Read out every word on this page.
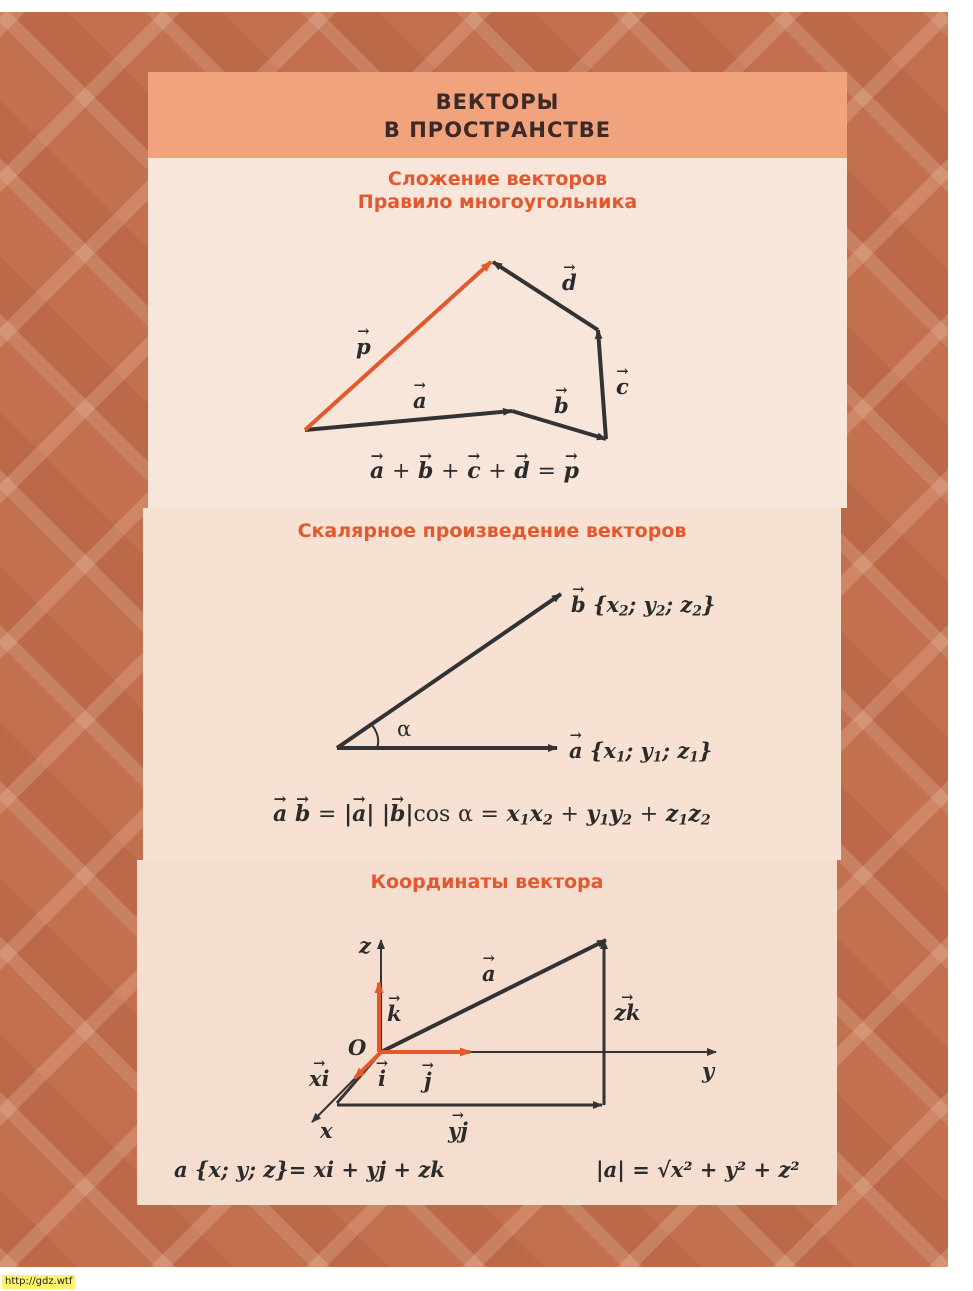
ВЕКТОРЫ
В ПРОСТРАНСТВЕ
Сложение векторов
Правило многоугольника
Скалярное произведение векторов
Координаты вектора
→ p
→ a	→ b
→ c
→ d
→ a + → b + → c + → d = → p
α
→ b {$x_2$; $y_2$; $z_2$}
→ a {$x_1$; $y_1$; $z_1$}
→ a → b = |→ a| |→ b|cos $\alpha = x_1x_2 + y_1y_2 + z_1z_2$
z
y
x
O
→ a
→ k
→ i → j
→ zk
→ xi
→ yj
a {x; y; z}= xi + yj + zk	|a| = √x² + y² + z²
http://gdz.wtf
